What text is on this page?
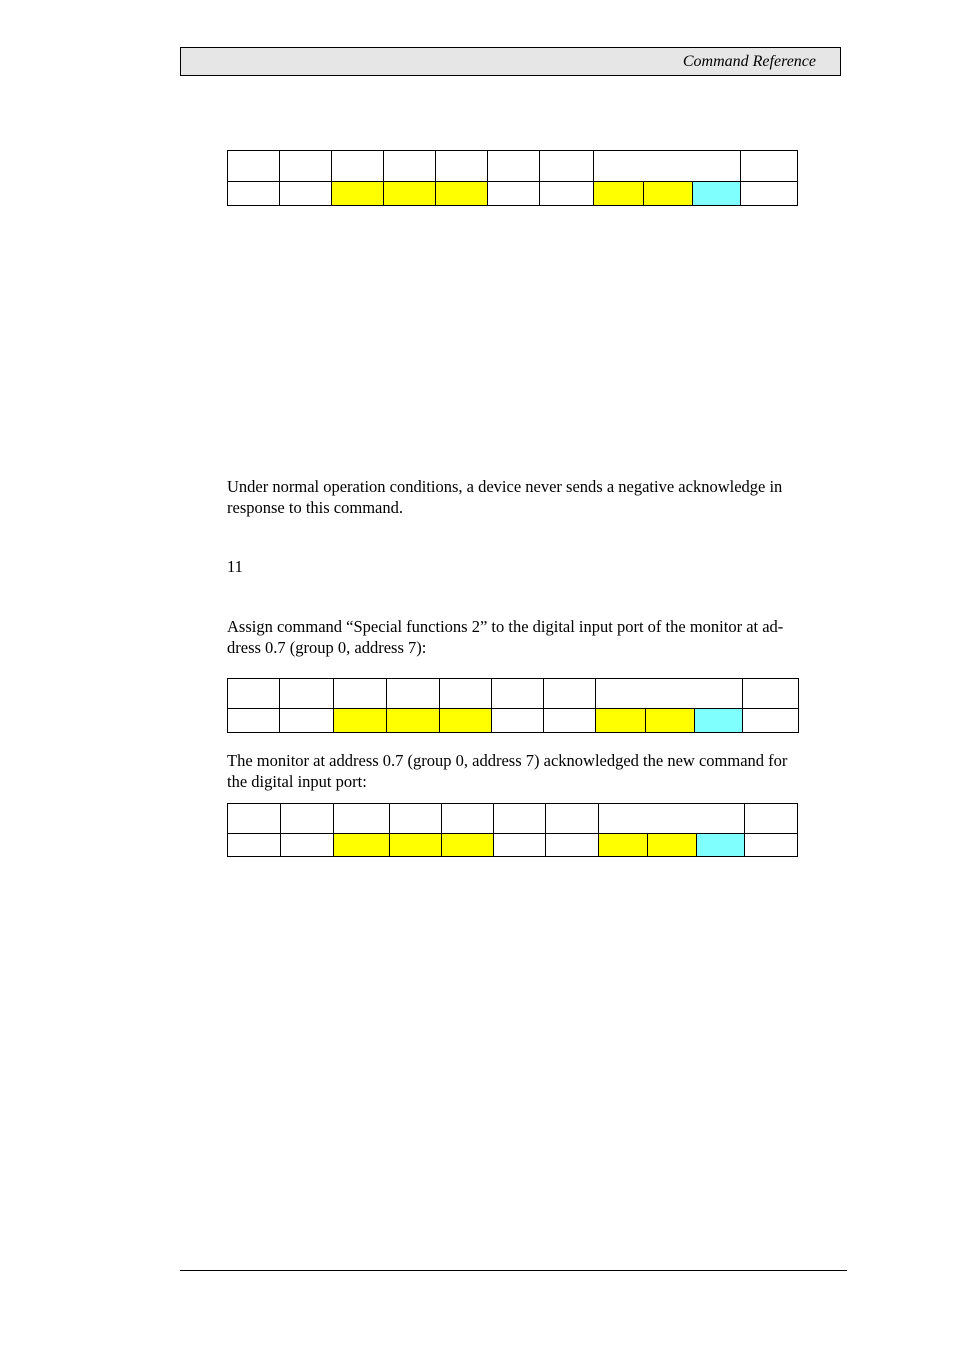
Command Reference

Under normal operation conditions, a device never sends a negative acknowledge in response to this command.

11

Assign command “Special functions 2” to the digital input port of the monitor at ad-dress 0.7 (group 0, address 7):

The monitor at address 0.7 (group 0, address 7) acknowledged the new command for the digital input port:
